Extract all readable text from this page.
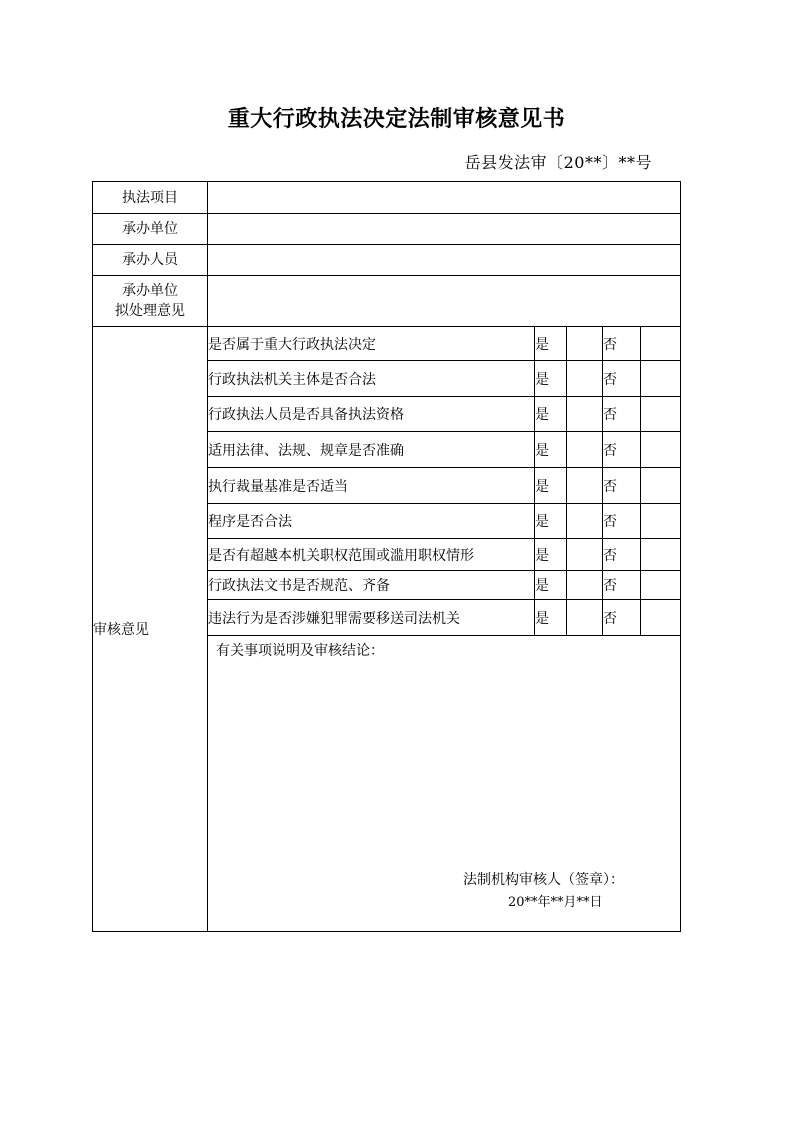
重大行政执法决定法制审核意见书
岳县发法审〔20**〕**号
执法项目					
承办单位					
承办人员					

承办单位
拟处理意见					

审核意见	是否属于重大行政执法决定	是		否	
	行政执法机关主体是否合法	是		否	
	行政执法人员是否具备执法资格	是		否	
	适用法律、法规、规章是否准确	是		否	
	执行裁量基准是否适当	是		否	
	程序是否合法	是		否	
	是否有超越本机关职权范围或滥用职权情形	是		否	
	行政执法文书是否规范、齐备	是		否	
	违法行为是否涉嫌犯罪需要移送司法机关	是		否	

	有关事项说明及审核结论：
法制机构审核人（签章）：
20**年**月**日				
